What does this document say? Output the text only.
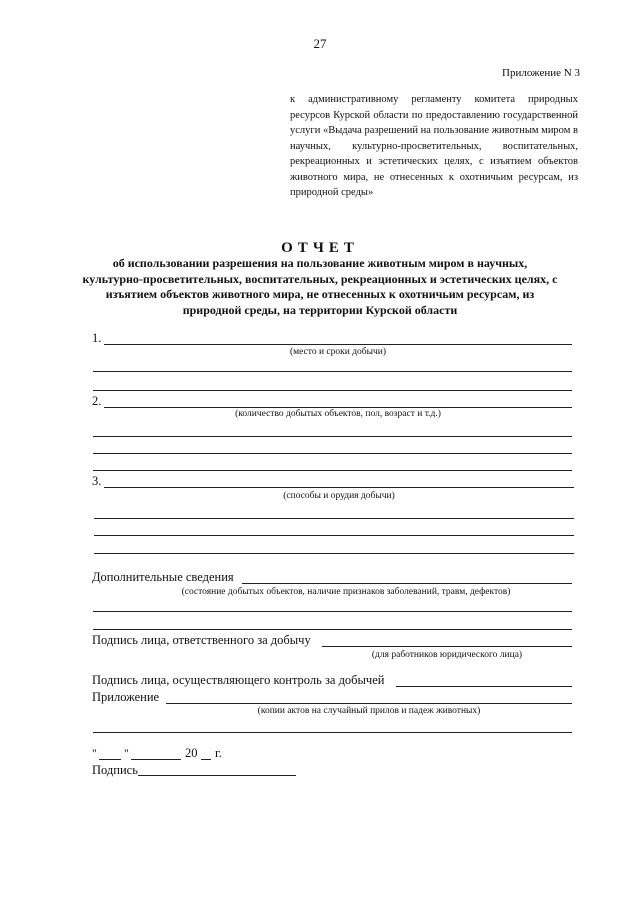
27
Приложение N 3
к административному регламенту комитета природных ресурсов Курской области по предоставлению государственной услуги «Выдача разрешений на пользование животным миром в научных, культурно-просветительных, воспитательных, рекреационных и эстетических целях, с изъятием объектов животного мира, не отнесенных к охотничьим ресурсам, из природной среды»
ОТЧЕТ
об использовании разрешения на пользование животным миром в научных, культурно-просветительных, воспитательных, рекреационных и эстетических целях, с изъятием объектов животного мира, не отнесенных к охотничьим ресурсам, из природной среды, на территории Курской области
1.
(место и сроки добычи)
2.
(количество добытых объектов, пол, возраст и т.д.)
3.
(способы и орудия добычи)
Дополнительные сведения
(состояние добытых объектов, наличие признаков заболеваний, травм, дефектов)
Подпись лица, ответственного за добычу
(для работников юридического лица)
Подпись лица, осуществляющего контроль за добычей
Приложение
(копии актов на случайный прилов и падеж животных)
" "	20 г.
Подпись
